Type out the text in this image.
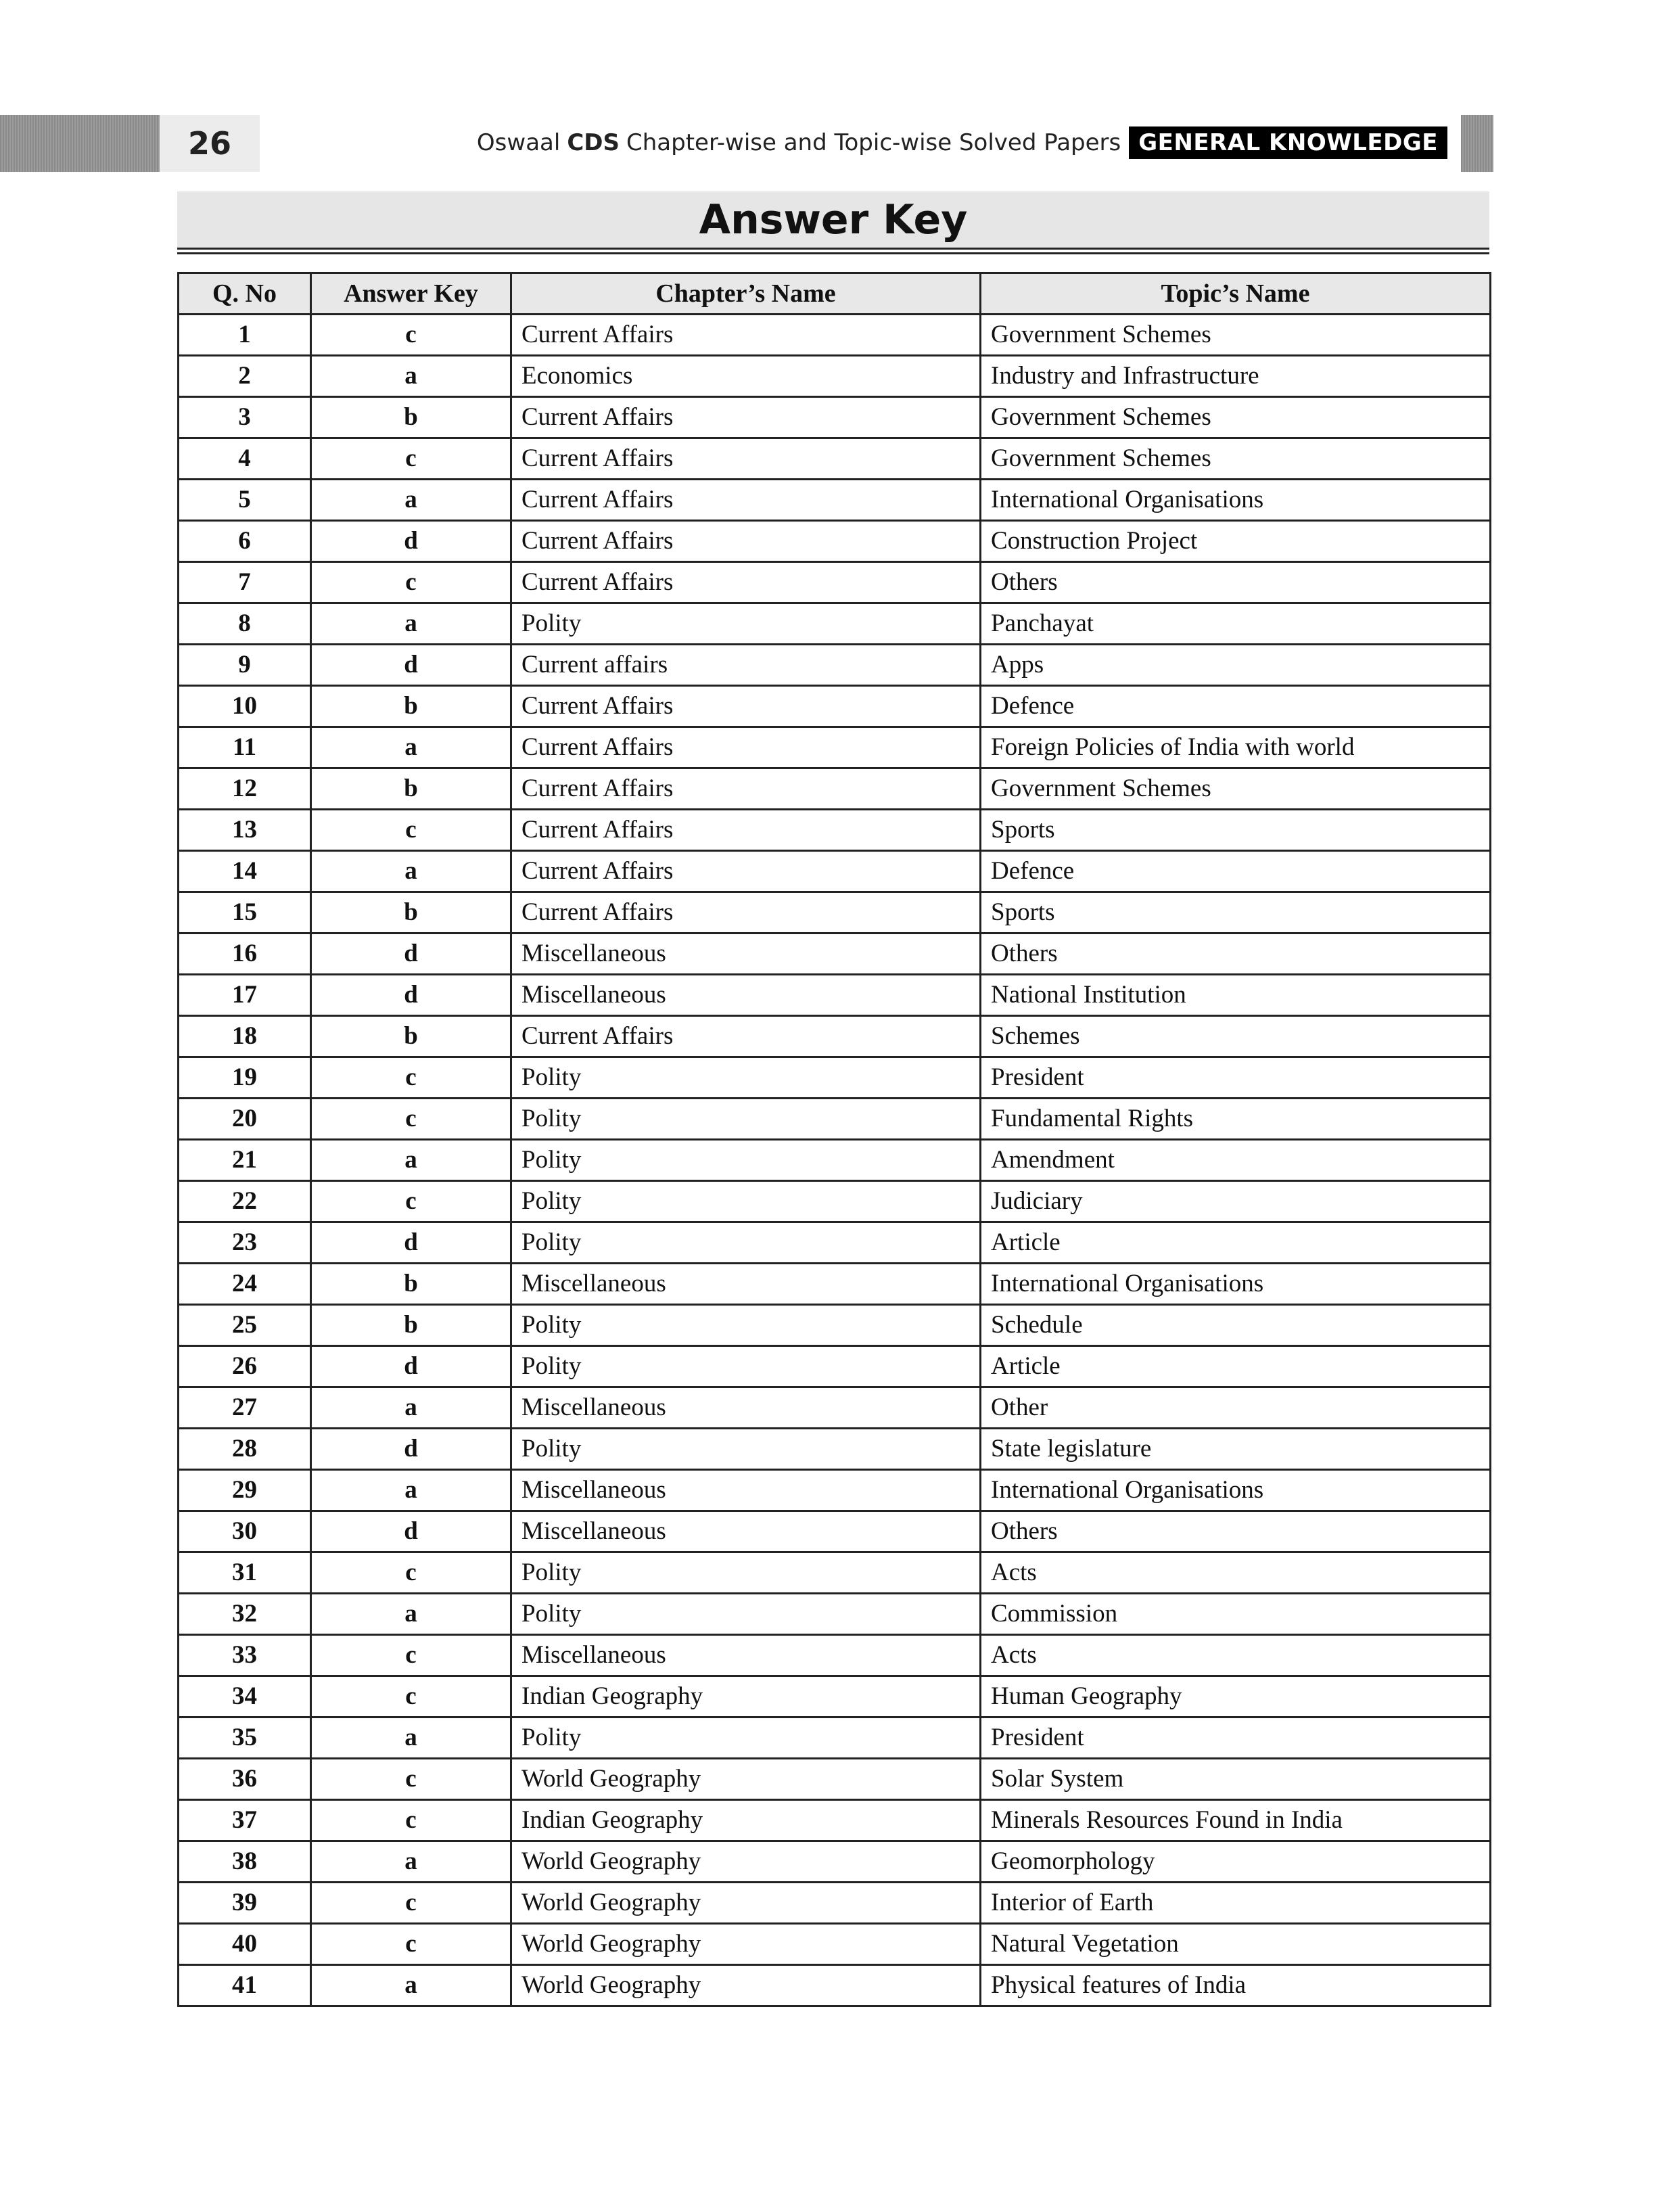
26	Oswaal CDS Chapter-wise and Topic-wise Solved Papers GENERAL KNOWLEDGE
Answer Key
Q. No	Answer Key	Chapter’s Name	Topic’s Name
1	c	Current Affairs	Government Schemes
2	a	Economics	Industry and Infrastructure
3	b	Current Affairs	Government Schemes
4	c	Current Affairs	Government Schemes
5	a	Current Affairs	International Organisations
6	d	Current Affairs	Construction Project
7	c	Current Affairs	Others
8	a	Polity	Panchayat
9	d	Current affairs	Apps
10	b	Current Affairs	Defence
11	a	Current Affairs	Foreign Policies of India with world
12	b	Current Affairs	Government Schemes
13	c	Current Affairs	Sports
14	a	Current Affairs	Defence
15	b	Current Affairs	Sports
16	d	Miscellaneous	Others
17	d	Miscellaneous	National Institution
18	b	Current Affairs	Schemes
19	c	Polity	President
20	c	Polity	Fundamental Rights
21	a	Polity	Amendment
22	c	Polity	Judiciary
23	d	Polity	Article
24	b	Miscellaneous	International Organisations
25	b	Polity	Schedule
26	d	Polity	Article
27	a	Miscellaneous	Other
28	d	Polity	State legislature
29	a	Miscellaneous	International Organisations
30	d	Miscellaneous	Others
31	c	Polity	Acts
32	a	Polity	Commission
33	c	Miscellaneous	Acts
34	c	Indian Geography	Human Geography
35	a	Polity	President
36	c	World Geography	Solar System
37	c	Indian Geography	Minerals Resources Found in India
38	a	World Geography	Geomorphology
39	c	World Geography	Interior of Earth
40	c	World Geography	Natural Vegetation
41	a	World Geography	Physical features of India
